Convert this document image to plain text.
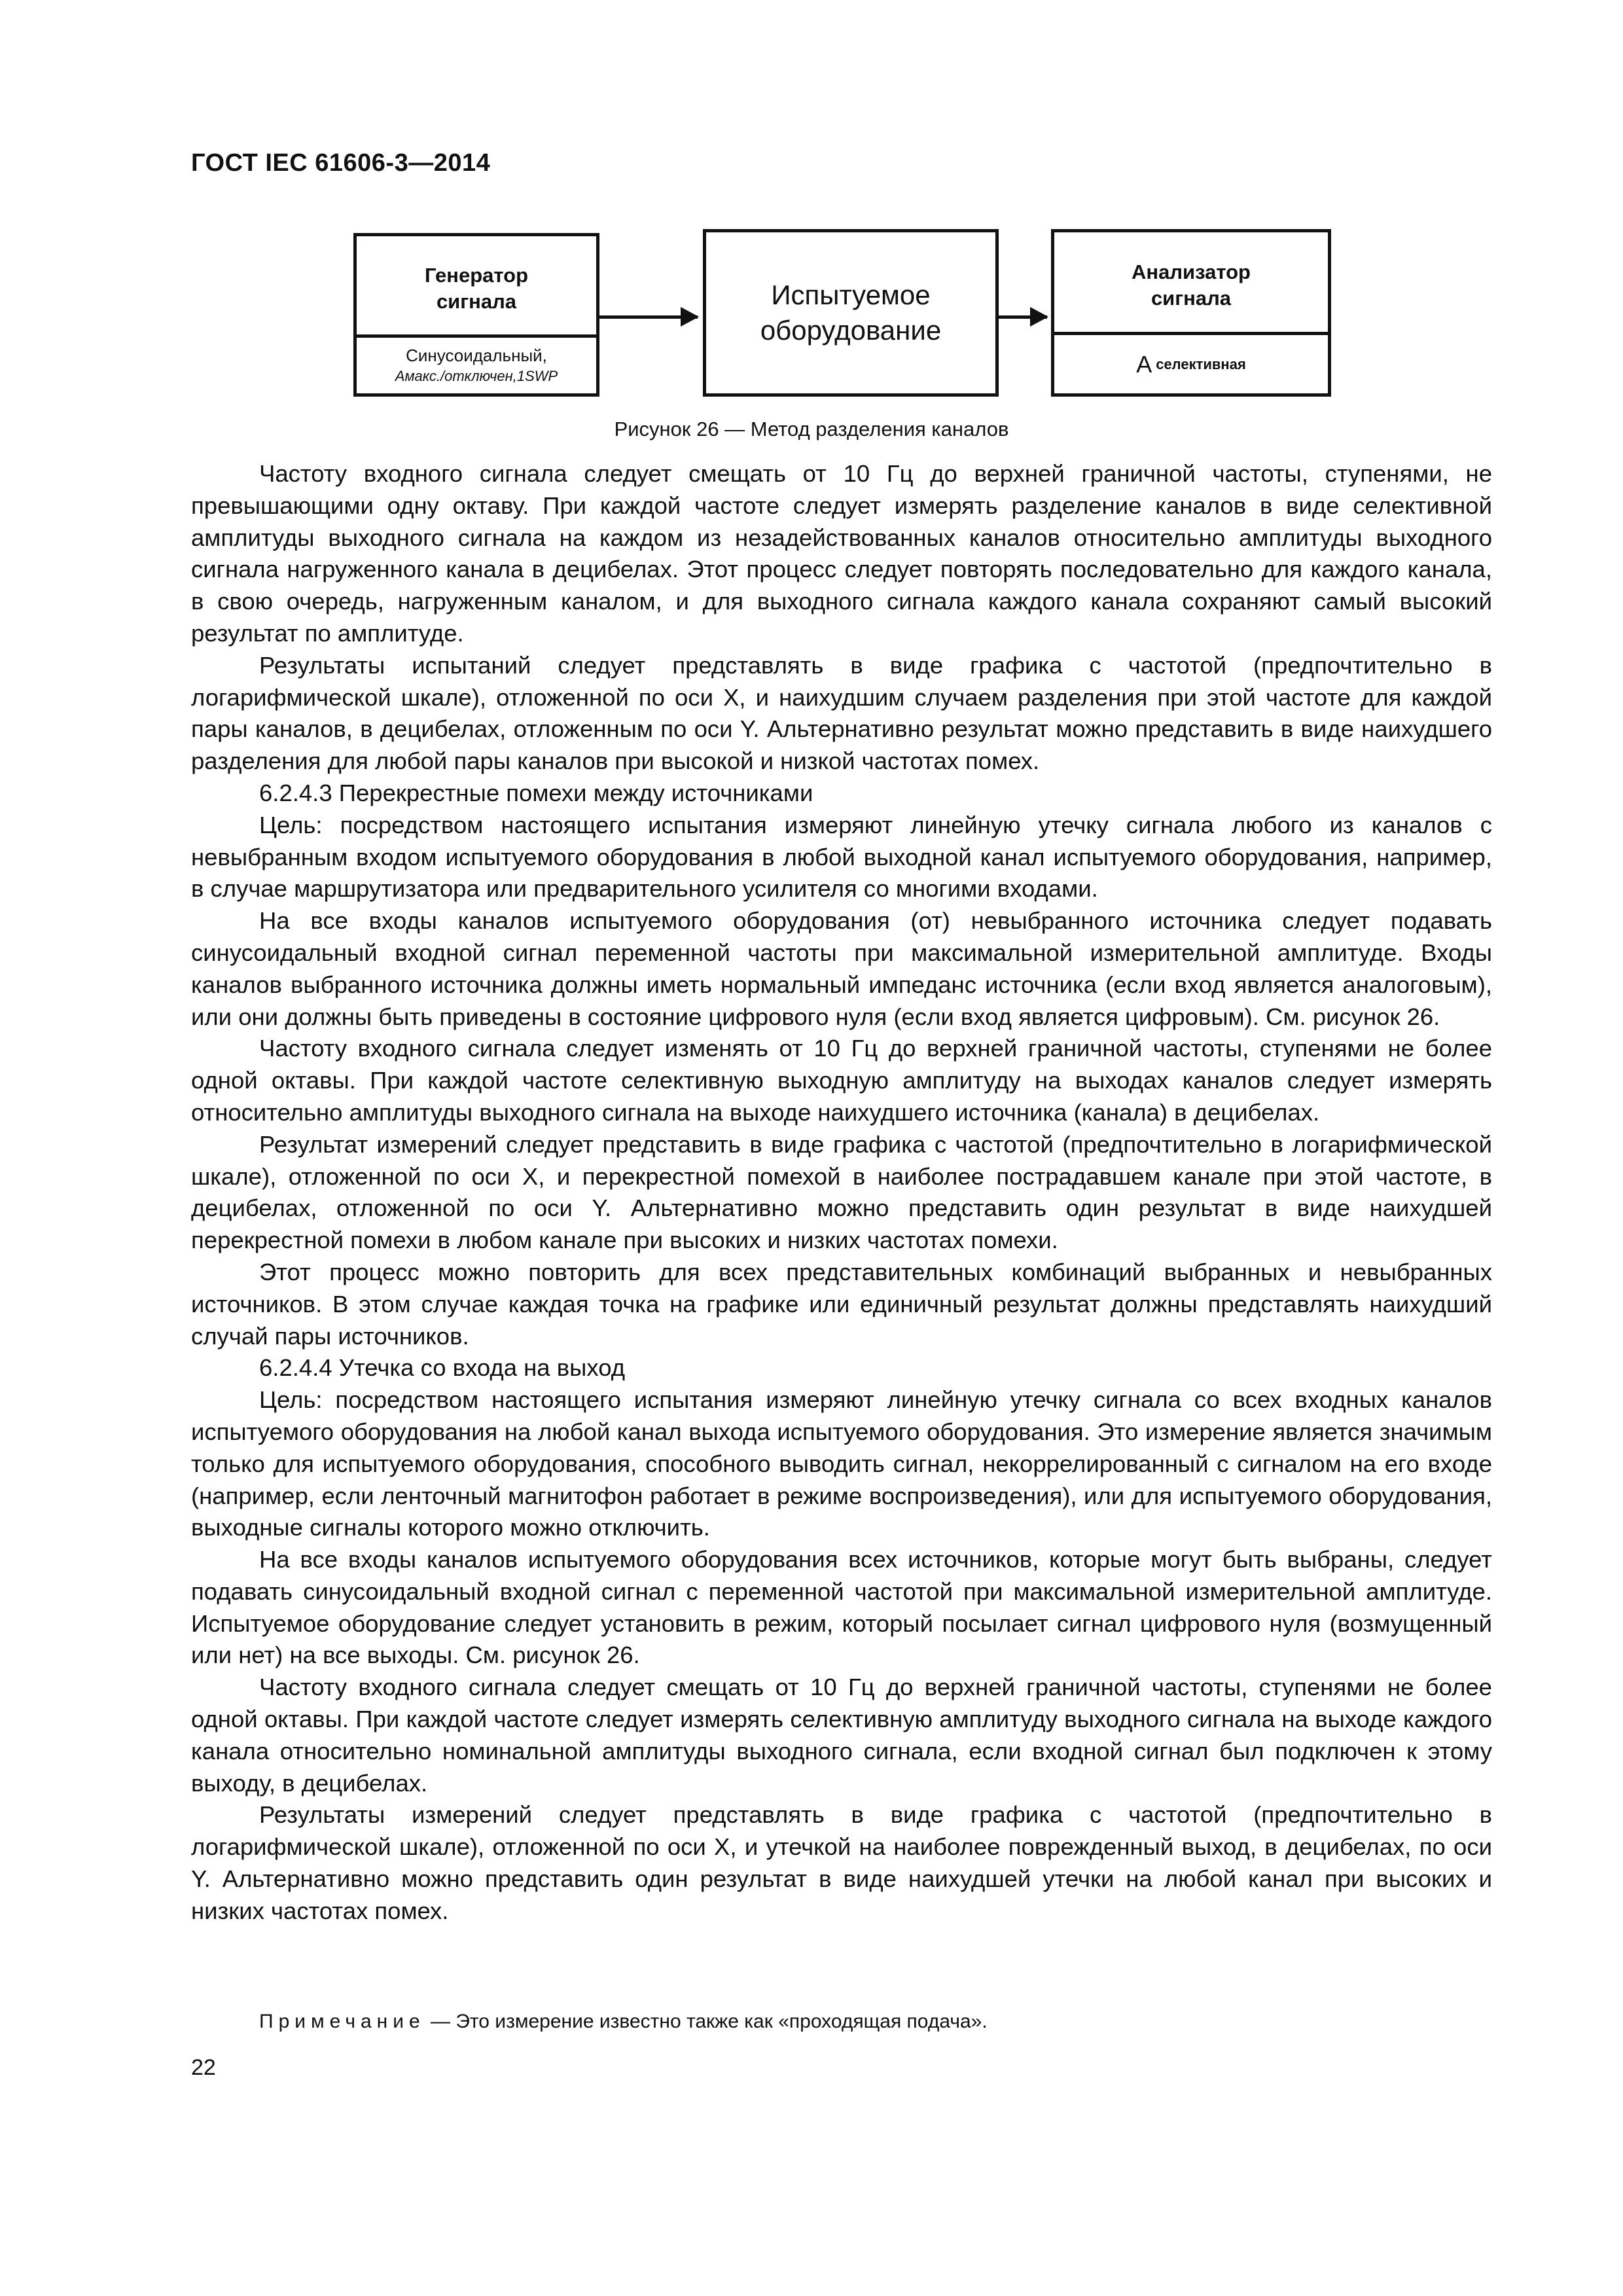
ГОСТ IEC 61606-3—2014
Генератор
сигнала
Синусоидальный,
Aмакс./отключен,1SWP
Испытуемое
оборудование
Анализатор
сигнала
A селективная
Рисунок 26 — Метод разделения каналов

Частоту входного сигнала следует смещать от 10 Гц до верхней граничной частоты, ступенями, не превышающими одну октаву. При каждой частоте следует измерять разделение каналов в виде селективной амплитуды выходного сигнала на каждом из незадействованных каналов относительно амплитуды выходного сигнала нагруженного канала в децибелах. Этот процесс следует повторять последовательно для каждого канала, в свою очередь, нагруженным каналом, и для выходного сигнала каждого канала сохраняют самый высокий результат по амплитуде.

Результаты испытаний следует представлять в виде графика с частотой (предпочтительно в логарифмической шкале), отложенной по оси X, и наихудшим случаем разделения при этой частоте для каждой пары каналов, в децибелах, отложенным по оси Y. Альтернативно результат можно представить в виде наихудшего разделения для любой пары каналов при высокой и низкой частотах помех.

6.2.4.3 Перекрестные помехи между источниками

Цель: посредством настоящего испытания измеряют линейную утечку сигнала любого из каналов с невыбранным входом испытуемого оборудования в любой выходной канал испытуемого оборудования, например, в случае маршрутизатора или предварительного усилителя со многими входами.

На все входы каналов испытуемого оборудования (от) невыбранного источника следует подавать синусоидальный входной сигнал переменной частоты при максимальной измерительной амплитуде. Входы каналов выбранного источника должны иметь нормальный импеданс источника (если вход является аналоговым), или они должны быть приведены в состояние цифрового нуля (если вход является цифровым). См. рисунок 26.

Частоту входного сигнала следует изменять от 10 Гц до верхней граничной частоты, ступенями не более одной октавы. При каждой частоте селективную выходную амплитуду на выходах каналов следует измерять относительно амплитуды выходного сигнала на выходе наихудшего источника (канала) в децибелах.

Результат измерений следует представить в виде графика с частотой (предпочтительно в логарифмической шкале), отложенной по оси X, и перекрестной помехой в наиболее пострадавшем канале при этой частоте, в децибелах, отложенной по оси Y. Альтернативно можно представить один результат в виде наихудшей перекрестной помехи в любом канале при высоких и низких частотах помехи.

Этот процесс можно повторить для всех представительных комбинаций выбранных и невыбранных источников. В этом случае каждая точка на графике или единичный результат должны представлять наихудший случай пары источников.

6.2.4.4 Утечка со входа на выход

Цель: посредством настоящего испытания измеряют линейную утечку сигнала со всех входных каналов испытуемого оборудования на любой канал выхода испытуемого оборудования. Это измерение является значимым только для испытуемого оборудования, способного выводить сигнал, некоррелированный с сигналом на его входе (например, если ленточный магнитофон работает в режиме воспроизведения), или для испытуемого оборудования, выходные сигналы которого можно отключить.

На все входы каналов испытуемого оборудования всех источников, которые могут быть выбраны, следует подавать синусоидальный входной сигнал с переменной частотой при максимальной измерительной амплитуде. Испытуемое оборудование следует установить в режим, который посылает сигнал цифрового нуля (возмущенный или нет) на все выходы. См. рисунок 26.

Частоту входного сигнала следует смещать от 10 Гц до верхней граничной частоты, ступенями не более одной октавы. При каждой частоте следует измерять селективную амплитуду выходного сигнала на выходе каждого канала относительно номинальной амплитуды выходного сигнала, если входной сигнал был подключен к этому выходу, в децибелах.

Результаты измерений следует представлять в виде графика с частотой (предпочтительно в логарифмической шкале), отложенной по оси X, и утечкой на наиболее поврежденный выход, в децибелах, по оси Y. Альтернативно можно представить один результат в виде наихудшей утечки на любой канал при высоких и низких частотах помех.

Примечание — Это измерение известно также как «проходящая подача».
22
